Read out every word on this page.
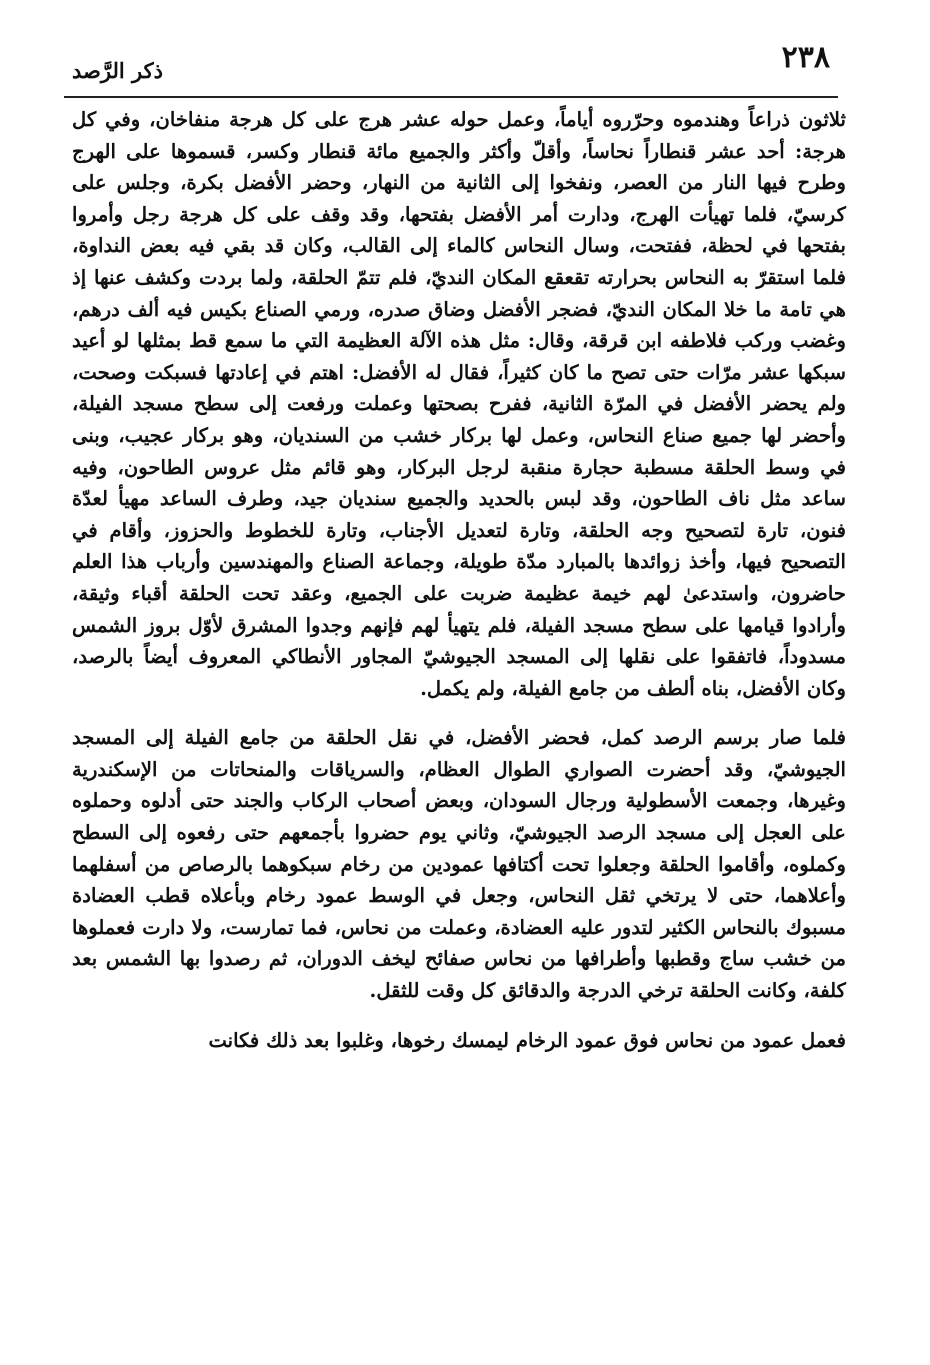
٢٣٨
ذكر الرَّصد

ثلاثون ذراعاً وهندموه وحرّروه أياماً، وعمل حوله عشر هرج على كل هرجة منفاخان، وفي كل هرجة: أحد عشر قنطاراً نحاساً، وأقلّ وأكثر والجميع مائة قنطار وكسر، قسموها على الهرج وطرح فيها النار من العصر، ونفخوا إلى الثانية من النهار، وحضر الأفضل بكرة، وجلس على كرسيّ، فلما تهيأت الهرج، ودارت أمر الأفضل بفتحها، وقد وقف على كل هرجة رجل وأمروا بفتحها في لحظة، ففتحت، وسال النحاس كالماء إلى القالب، وكان قد بقي فيه بعض النداوة، فلما استقرّ به النحاس بحرارته تقعقع المكان النديّ، فلم تتمّ الحلقة، ولما بردت وكشف عنها إذ هي تامة ما خلا المكان النديّ، فضجر الأفضل وضاق صدره، ورمي الصناع بكيس فيه ألف درهم، وغضب وركب فلاطفه ابن قرقة، وقال: مثل هذه الآلة العظيمة التي ما سمع قط بمثلها لو أعيد سبكها عشر مرّات حتى تصح ما كان كثيراً، فقال له الأفضل: اهتم في إعادتها فسبكت وصحت، ولم يحضر الأفضل في المرّة الثانية، ففرح بصحتها وعملت ورفعت إلى سطح مسجد الفيلة، وأحضر لها جميع صناع النحاس، وعمل لها بركار خشب من السنديان، وهو بركار عجيب، وبنى في وسط الحلقة مسطبة حجارة منقبة لرجل البركار، وهو قائم مثل عروس الطاحون، وفيه ساعد مثل ناف الطاحون، وقد لبس بالحديد والجميع سنديان جيد، وطرف الساعد مهيأ لعدّة فنون، تارة لتصحيح وجه الحلقة، وتارة لتعديل الأجناب، وتارة للخطوط والحزوز، وأقام في التصحيح فيها، وأخذ زوائدها بالمبارد مدّة طويلة، وجماعة الصناع والمهندسين وأرباب هذا العلم حاضرون، واستدعىٰ لهم خيمة عظيمة ضربت على الجميع، وعقد تحت الحلقة أقباء وثيقة، وأرادوا قيامها على سطح مسجد الفيلة، فلم يتهيأ لهم فإنهم وجدوا المشرق لأوّل بروز الشمس مسدوداً، فاتفقوا على نقلها إلى المسجد الجيوشيّ المجاور الأنطاكي المعروف أيضاً بالرصد، وكان الأفضل، بناه ألطف من جامع الفيلة، ولم يكمل.

فلما صار برسم الرصد كمل، فحضر الأفضل، في نقل الحلقة من جامع الفيلة إلى المسجد الجيوشيّ، وقد أحضرت الصواري الطوال العظام، والسرياقات والمنحاتات من الإسكندرية وغيرها، وجمعت الأسطولية ورجال السودان، وبعض أصحاب الركاب والجند حتى أدلوه وحملوه على العجل إلى مسجد الرصد الجيوشيّ، وثاني يوم حضروا بأجمعهم حتى رفعوه إلى السطح وكملوه، وأقاموا الحلقة وجعلوا تحت أكتافها عمودين من رخام سبكوهما بالرصاص من أسفلهما وأعلاهما، حتى لا يرتخي ثقل النحاس، وجعل في الوسط عمود رخام وبأعلاه قطب العضادة مسبوك بالنحاس الكثير لتدور عليه العضادة، وعملت من نحاس، فما تمارست، ولا دارت فعملوها من خشب ساج وقطبها وأطرافها من نحاس صفائح ليخف الدوران، ثم رصدوا بها الشمس بعد كلفة، وكانت الحلقة ترخي الدرجة والدقائق كل وقت للثقل.

فعمل عمود من نحاس فوق عمود الرخام ليمسك رخوها، وغلبوا بعد ذلك فكانت
